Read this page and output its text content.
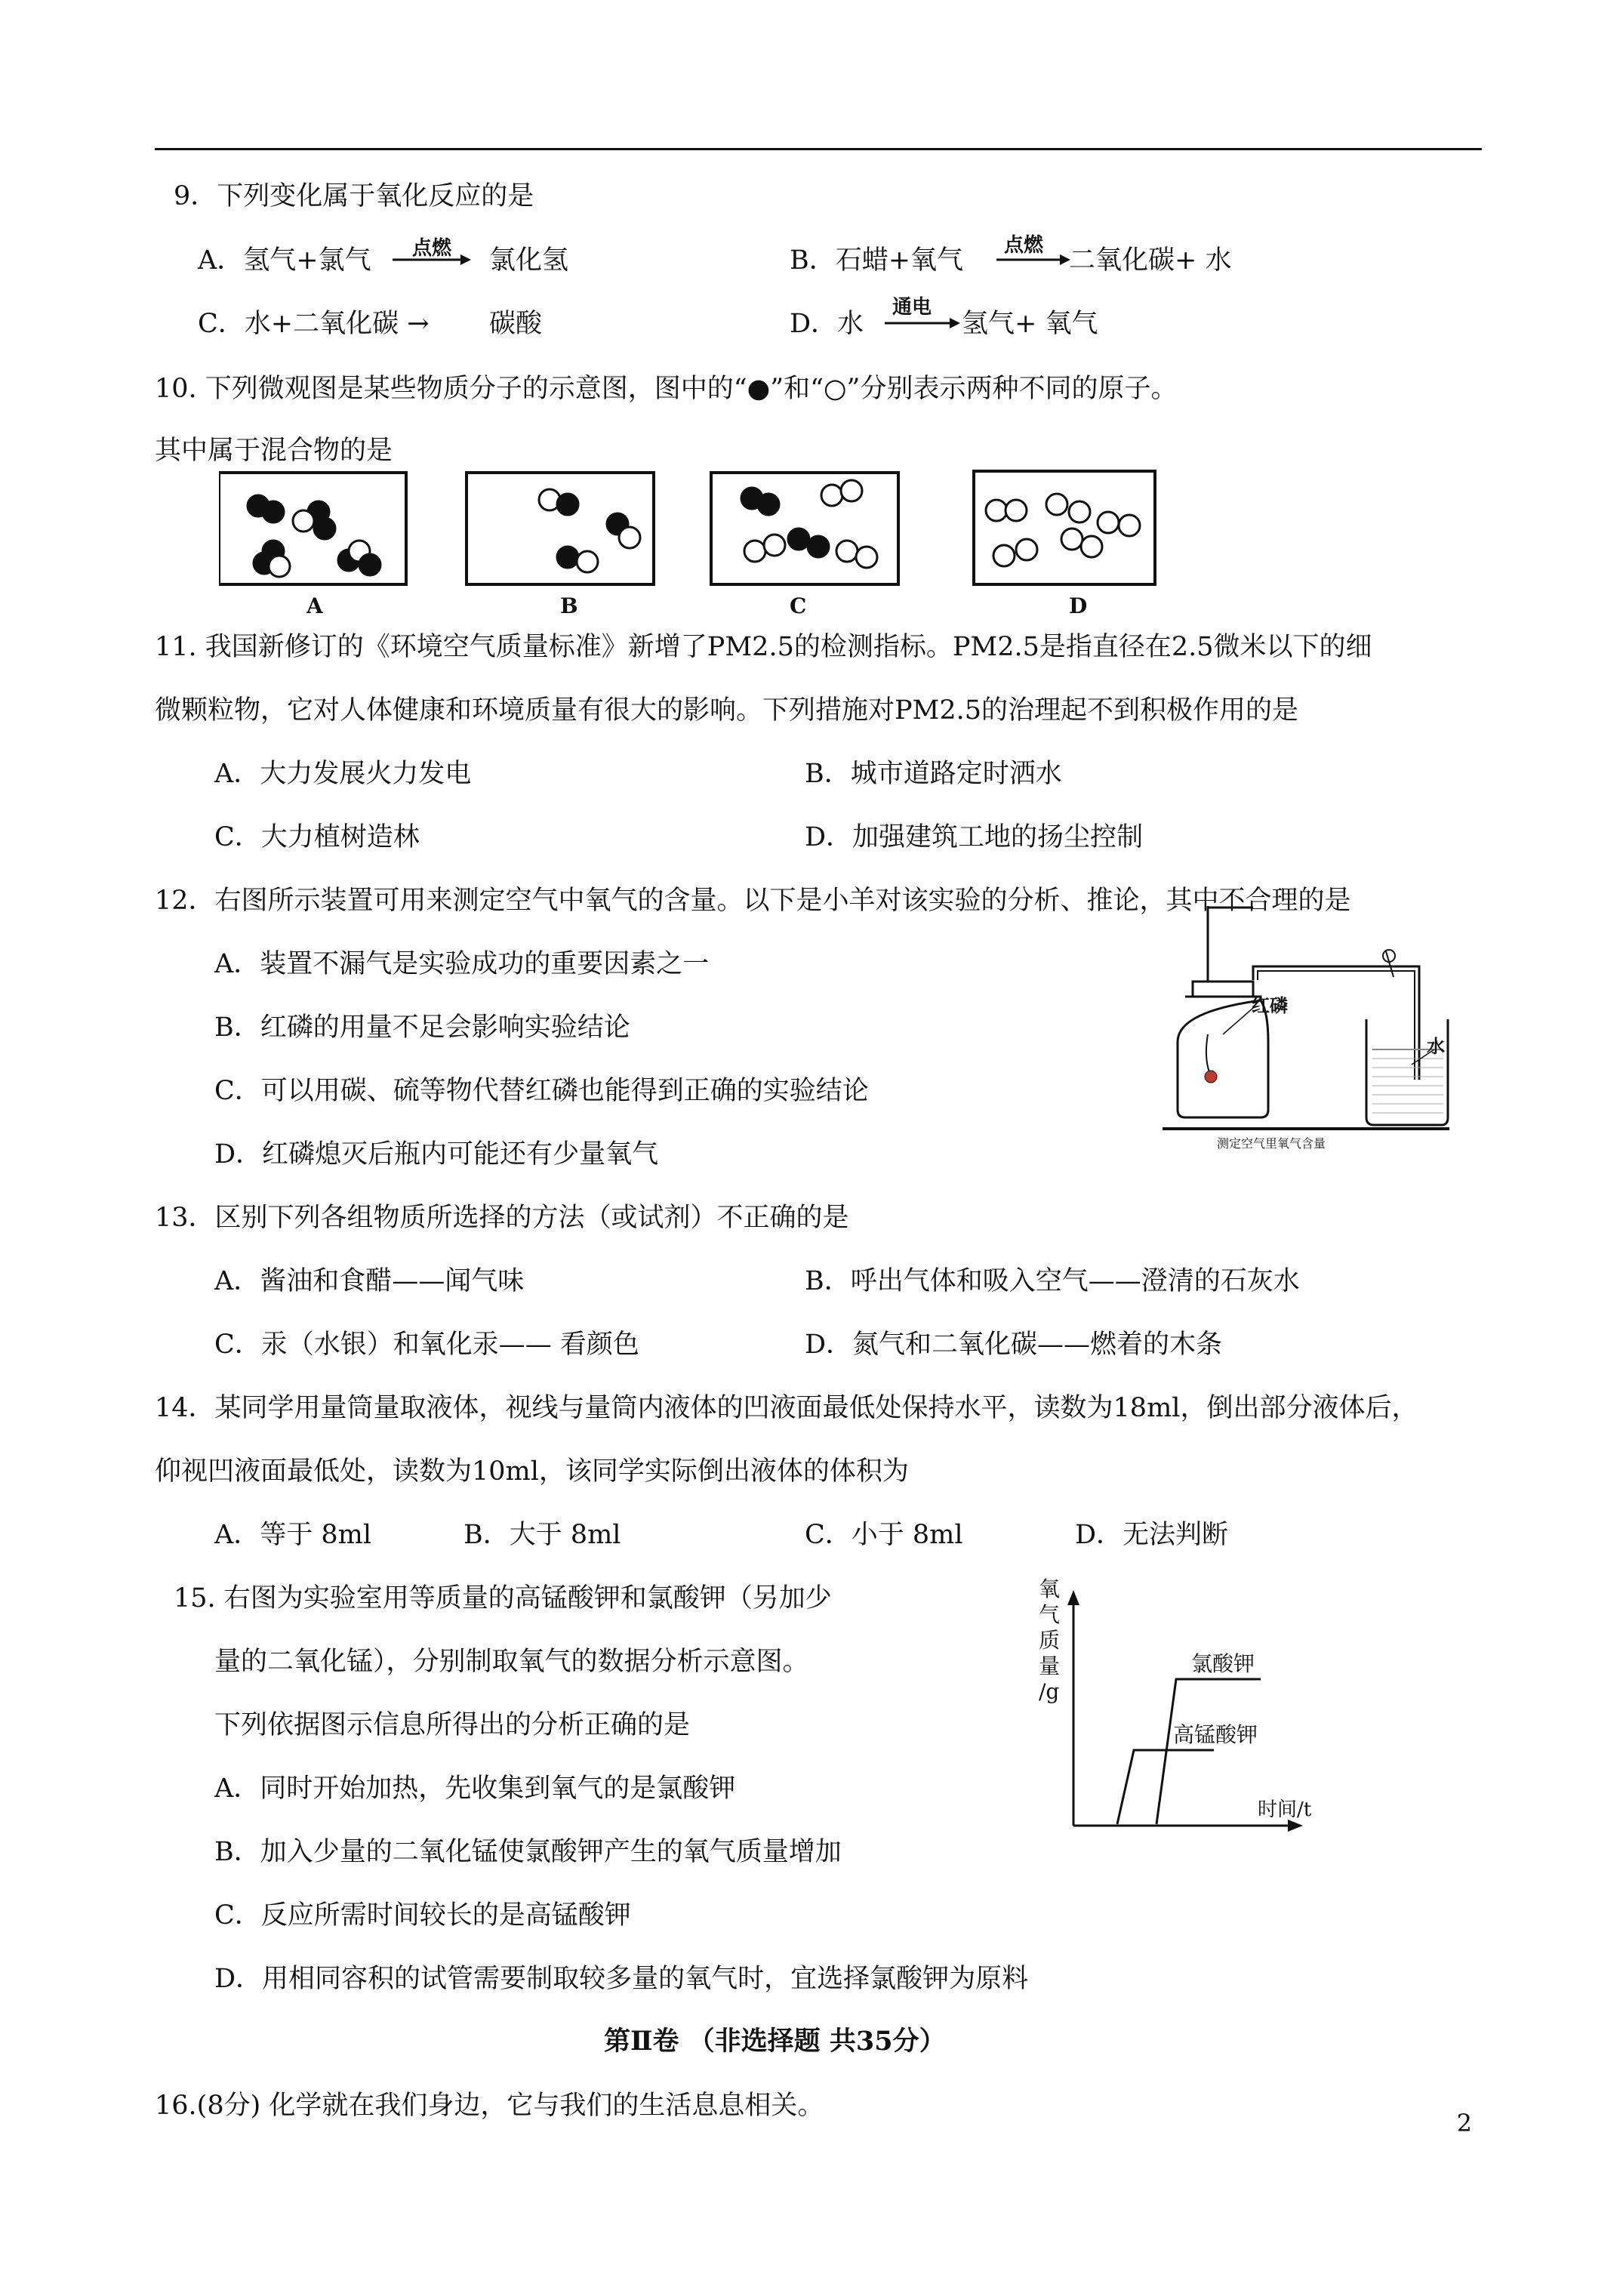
9．下列变化属于氧化反应的是
A．氢气+氯气 点燃 氯化氢	B．石蜡+氧气 点燃 二氧化碳+ 水
C．水+二氧化碳 → 碳酸	D．水
通电
氢气+ 氧气
10. 下列微观图是某些物质分子的示意图，图中的“●”和“○”分别表示两种不同的原子。
其中属于混合物的是
A	B	C	D
11. 我国新修订的《环境空气质量标准》新增了PM2.5的检测指标。PM2.5是指直径在2.5微米以下的细
微颗粒物，它对人体健康和环境质量有很大的影响。下列措施对PM2.5的治理起不到积极作用的是
A．大力发展火力发电	B．城市道路定时洒水
C．大力植树造林	D．加强建筑工地的扬尘控制
12．右图所示装置可用来测定空气中氧气的含量。以下是小羊对该实验的分析、推论，其中不合理的是
A．装置不漏气是实验成功的重要因素之一
B．红磷的用量不足会影响实验结论
C．可以用碳、硫等物代替红磷也能得到正确的实验结论
D．红磷熄灭后瓶内可能还有少量氧气
红磷
水
测定空气里氧气含量
13．区别下列各组物质所选择的方法（或试剂）不正确的是
A．酱油和食醋——闻气味	B．呼出气体和吸入空气——澄清的石灰水
C．汞（水银）和氧化汞—— 看颜色	D．氮气和二氧化碳——燃着的木条
14．某同学用量筒量取液体，视线与量筒内液体的凹液面最低处保持水平，读数为18ml，倒出部分液体后，
仰视凹液面最低处，读数为10ml，该同学实际倒出液体的体积为
A．等于 8ml	B．大于 8ml	C．小于 8ml	D．无法判断
15. 右图为实验室用等质量的高锰酸钾和氯酸钾（另加少
量的二氧化锰），分别制取氧气的数据分析示意图。
下列依据图示信息所得出的分析正确的是
A．同时开始加热，先收集到氧气的是氯酸钾
B．加入少量的二氧化锰使氯酸钾产生的氧气质量增加
C．反应所需时间较长的是高锰酸钾
D．用相同容积的试管需要制取较多量的氧气时，宜选择氯酸钾为原料
氧
气
质
量
/g
氯酸钾
高锰酸钾
时间/t
第Ⅱ卷 （非选择题 共35分）
16.(8分) 化学就在我们身边，它与我们的生活息息相关。
2
